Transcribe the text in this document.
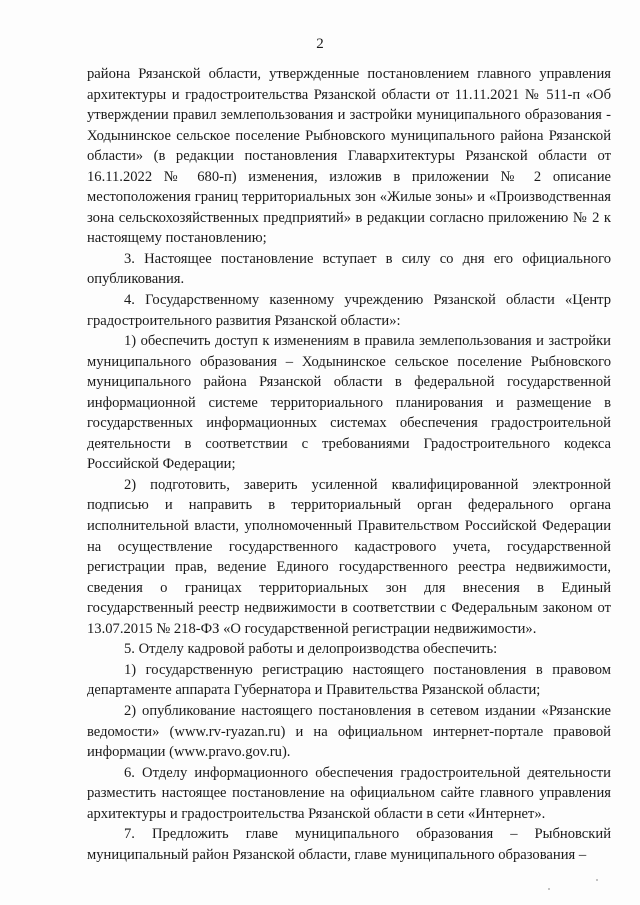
2

района Рязанской области, утвержденные постановлением главного управления архитектуры и градостроительства Рязанской области от 11.11.2021 № 511-п «Об утверждении правил землепользования и застройки муниципального образования - Ходынинское сельское поселение Рыбновского муниципального района Рязанской области» (в редакции постановления Главархитектуры Рязанской области от 16.11.2022 № 680-п) изменения, изложив в приложении № 2 описание местоположения границ территориальных зон «Жилые зоны» и «Производственная зона сельскохозяйственных предприятий» в редакции согласно приложению № 2 к настоящему постановлению;

3. Настоящее постановление вступает в силу со дня его официального опубликования.

4. Государственному казенному учреждению Рязанской области «Центр градостроительного развития Рязанской области»:

1) обеспечить доступ к изменениям в правила землепользования и застройки муниципального образования – Ходынинское сельское поселение Рыбновского муниципального района Рязанской области в федеральной государственной информационной системе территориального планирования и размещение в государственных информационных системах обеспечения градостроительной деятельности в соответствии с требованиями Градостроительного кодекса Российской Федерации;

2) подготовить, заверить усиленной квалифицированной электронной подписью и направить в территориальный орган федерального органа исполнительной власти, уполномоченный Правительством Российской Федерации на осуществление государственного кадастрового учета, государственной регистрации прав, ведение Единого государственного реестра недвижимости, сведения о границах территориальных зон для внесения в Единый государственный реестр недвижимости в соответствии с Федеральным законом от 13.07.2015 № 218-ФЗ «О государственной регистрации недвижимости».

5. Отделу кадровой работы и делопроизводства обеспечить:

1) государственную регистрацию настоящего постановления в правовом департаменте аппарата Губернатора и Правительства Рязанской области;

2) опубликование настоящего постановления в сетевом издании «Рязанские ведомости» (www.rv-ryazan.ru) и на официальном интернет-портале правовой информации (www.pravo.gov.ru).

6. Отделу информационного обеспечения градостроительной деятельности разместить настоящее постановление на официальном сайте главного управления архитектуры и градостроительства Рязанской области в сети «Интернет».

7. Предложить главе муниципального образования – Рыбновский муниципальный район Рязанской области, главе муниципального образования –
